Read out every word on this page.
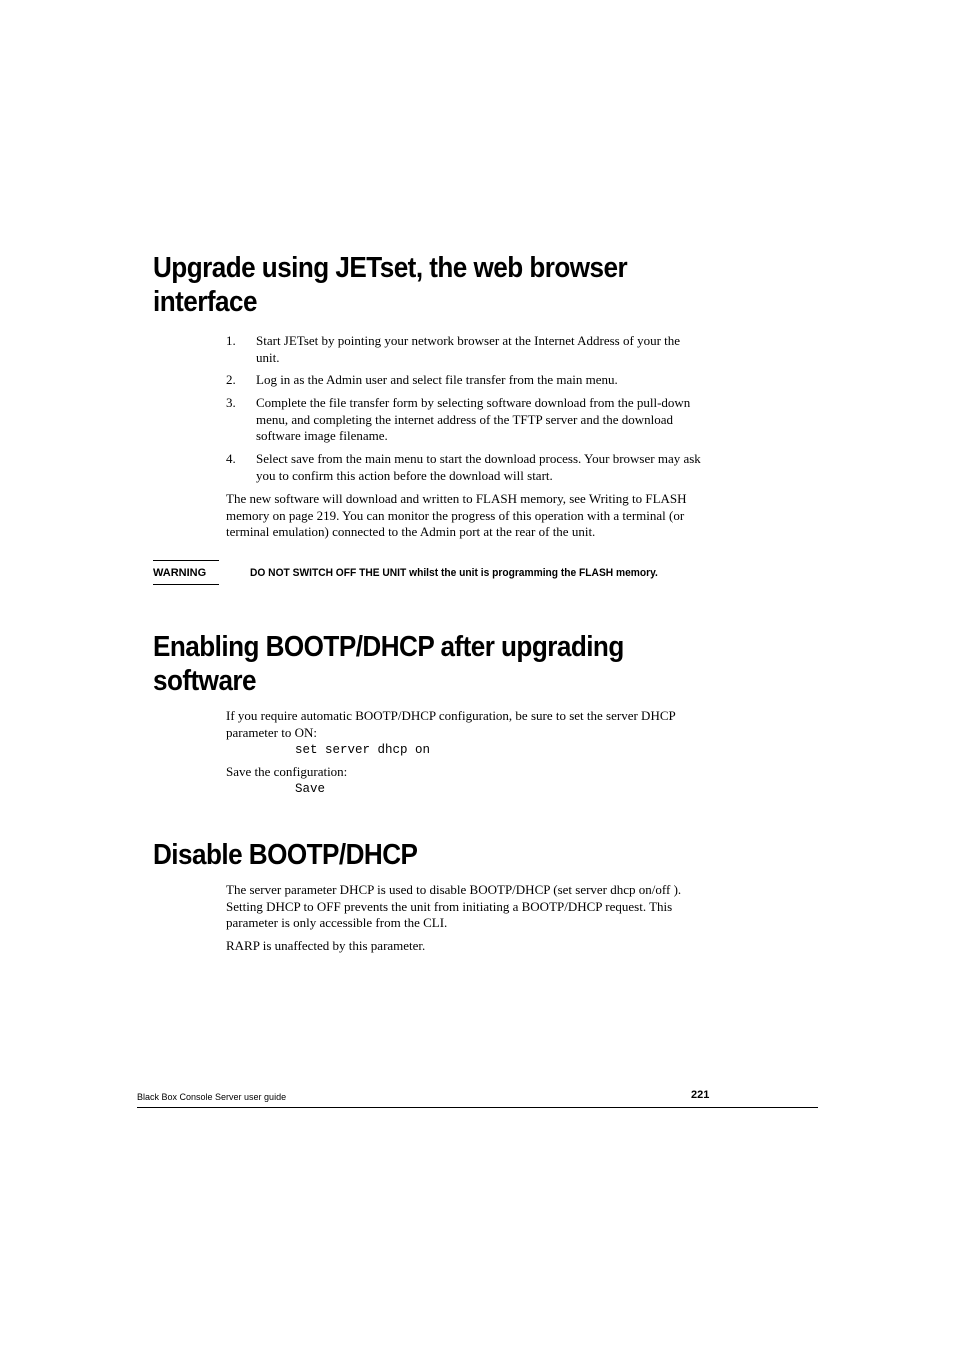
Upgrade using JETset, the web browser interface
1. Start JETset by pointing your network browser at the Internet Address of your the unit.
2. Log in as the Admin user and select file transfer from the main menu.
3. Complete the file transfer form by selecting software download from the pull-down menu, and completing the internet address of the TFTP server and the download software image filename.
4. Select save from the main menu to start the download process. Your browser may ask you to confirm this action before the download will start.

The new software will download and written to FLASH memory, see Writing to FLASH memory on page 219. You can monitor the progress of this operation with a terminal (or terminal emulation) connected to the Admin port at the rear of the unit.

WARNING	DO NOT SWITCH OFF THE UNIT whilst the unit is programming the FLASH memory.
Enabling BOOTP/DHCP after upgrading software

If you require automatic BOOTP/DHCP configuration, be sure to set the server DHCP parameter to ON:

set server dhcp on

Save the configuration:

Save
Disable BOOTP/DHCP

The server parameter DHCP is used to disable BOOTP/DHCP (set server dhcp on/off ). Setting DHCP to OFF prevents the unit from initiating a BOOTP/DHCP request. This parameter is only accessible from the CLI.

RARP is unaffected by this parameter.

Black Box Console Server user guide	221
